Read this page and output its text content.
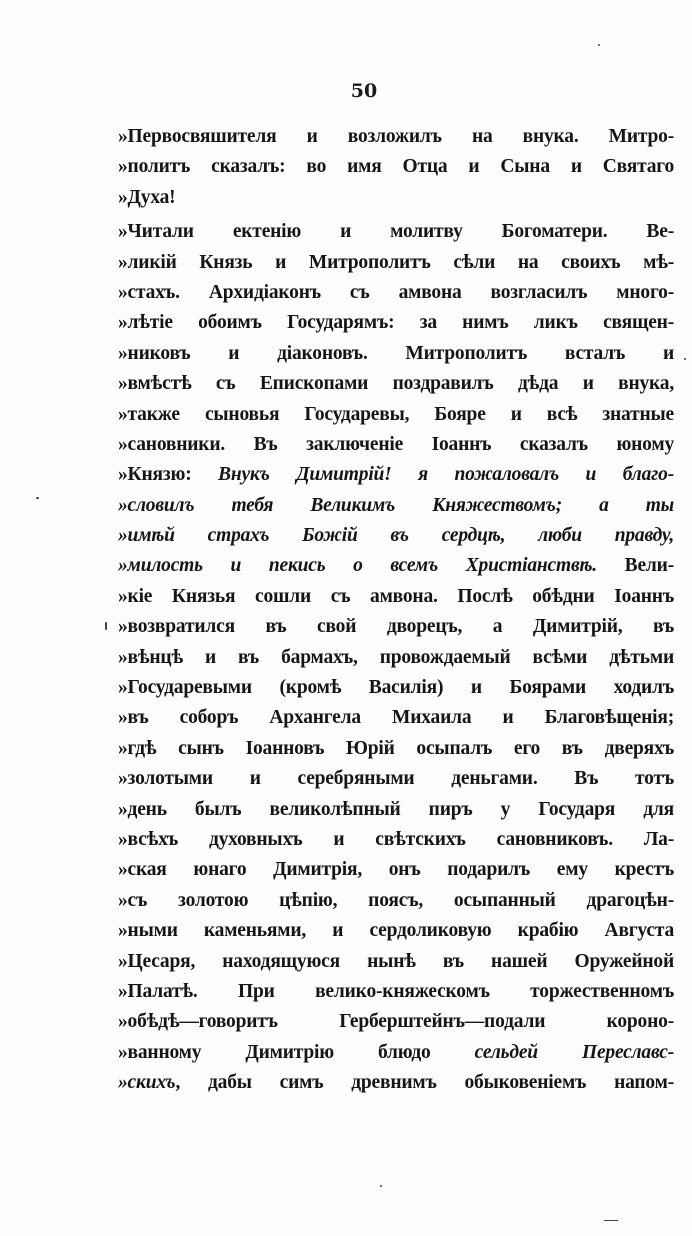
50
»Первосвяшителя и возложилъ на внука. Митро-
»политъ сказалъ: во имя Отца и Сына и Святаго
»Духа!
»Читали ектенію и молитву Богоматери. Ве-
»ликій Князь и Митрополитъ сѣли на своихъ мѣ-
»стахъ. Архидіаконъ съ амвона возгласилъ много-
»лѣтіе обоимъ Государямъ: за нимъ ликъ священ-
»никовъ и діаконовъ. Митрополитъ всталъ и
»вмѣстѣ съ Епископами поздравилъ дѣда и внука,
»также сыновья Государевы, Бояре и всѣ знатные
»сановники. Въ заключеніе Іоаннъ сказалъ юному
»Князю: Внукъ Димитрій! я пожаловалъ и благо-
»словилъ тебя Великимъ Княжествомъ; а ты
»имѣй страхъ Божій въ сердцѣ, люби правду,
»милость и пекись о всемъ Христіанствѣ. Вели-
»кіе Князья сошли съ амвона. Послѣ обѣдни Іоаннъ
»возвратился въ свой дворецъ, а Димитрій, въ
»вѣнцѣ и въ бармахъ, провождаемый всѣми дѣтьми
»Государевыми (кромѣ Василія) и Боярами ходилъ
»въ соборъ Архангела Михаила и Благовѣщенія;
»гдѣ сынъ Іоанновъ Юрій осыпалъ его въ дверяхъ
»золотыми и серебряными деньгами. Въ тотъ
»день былъ великолѣпный пиръ у Государя для
»всѣхъ духовныхъ и свѣтскихъ сановниковъ. Ла-
»ская юнаго Димитрія, онъ подарилъ ему крестъ
»съ золотою цѣпію, поясъ, осыпанный драгоцѣн-
»ными каменьями, и сердоликовую крабію Августа
»Цесаря, находящуюся нынѣ въ нашей Оружейной
»Палатѣ. При велико-княжескомъ торжественномъ
»обѣдѣ—говоритъ Герберштейнъ—подали короно-
»ванному Димитрію блюдо сельдей Переславс-
»скихъ, дабы симъ древнимъ обыковеніемъ напом-
